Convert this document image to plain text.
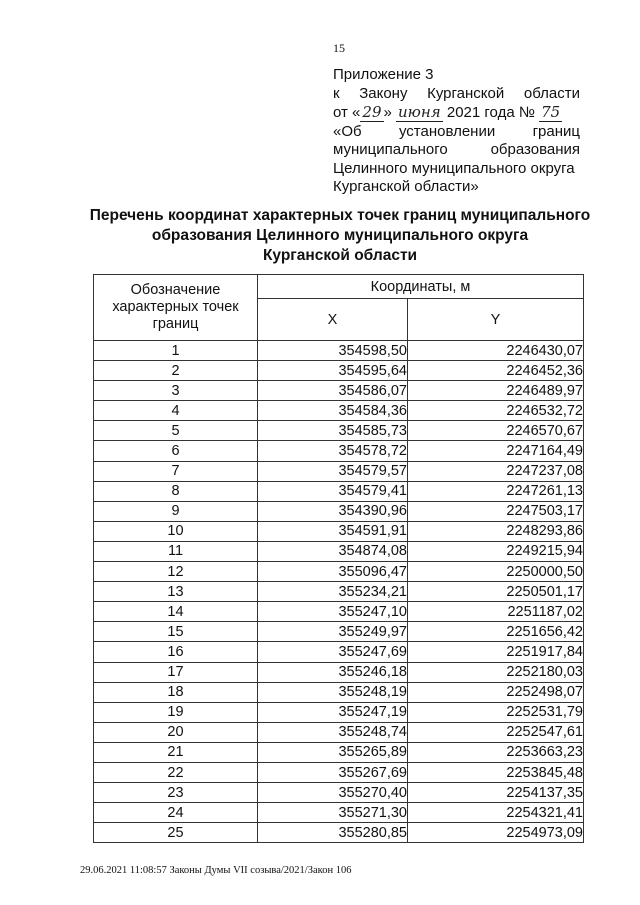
15
Приложение 3
к Закону Курганской области
от « 29 » июня 2021 года № 75
«Об установлении границ
муниципального	образования
Целинного муниципального округа
Курганской области»
Перечень координат характерных точек границ муниципального
образования Целинного муниципального округа
Курганской области
Обозначение
характерных точек
границ	Координаты, м	
	X	Y
1	354598,50	2246430,07
2	354595,64	2246452,36
3	354586,07	2246489,97
4	354584,36	2246532,72
5	354585,73	2246570,67
6	354578,72	2247164,49
7	354579,57	2247237,08
8	354579,41	2247261,13
9	354390,96	2247503,17
10	354591,91	2248293,86
11	354874,08	2249215,94
12	355096,47	2250000,50
13	355234,21	2250501,17
14	355247,10	2251187,02
15	355249,97	2251656,42
16	355247,69	2251917,84
17	355246,18	2252180,03
18	355248,19	2252498,07
19	355247,19	2252531,79
20	355248,74	2252547,61
21	355265,89	2253663,23
22	355267,69	2253845,48
23	355270,40	2254137,35
24	355271,30	2254321,41
25	355280,85	2254973,09
29.06.2021 11:08:57 Законы Думы VII созыва/2021/Закон 106
